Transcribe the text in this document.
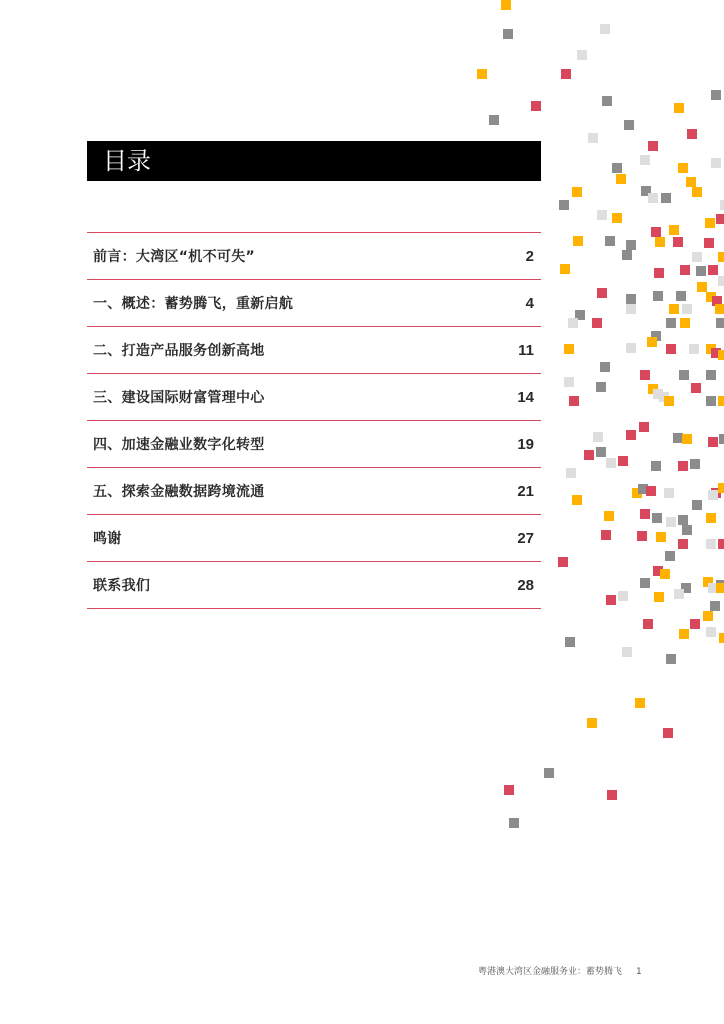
目录
前言：大湾区“机不可失”	2
一、概述：蓄势腾飞，重新启航	4
二、打造产品服务创新高地	11
三、建设国际财富管理中心	14
四、加速金融业数字化转型	19
五、探索金融数据跨境流通	21
鸣谢	27
联系我们	28
粤港澳大湾区金融服务业：蓄势腾飞 1
